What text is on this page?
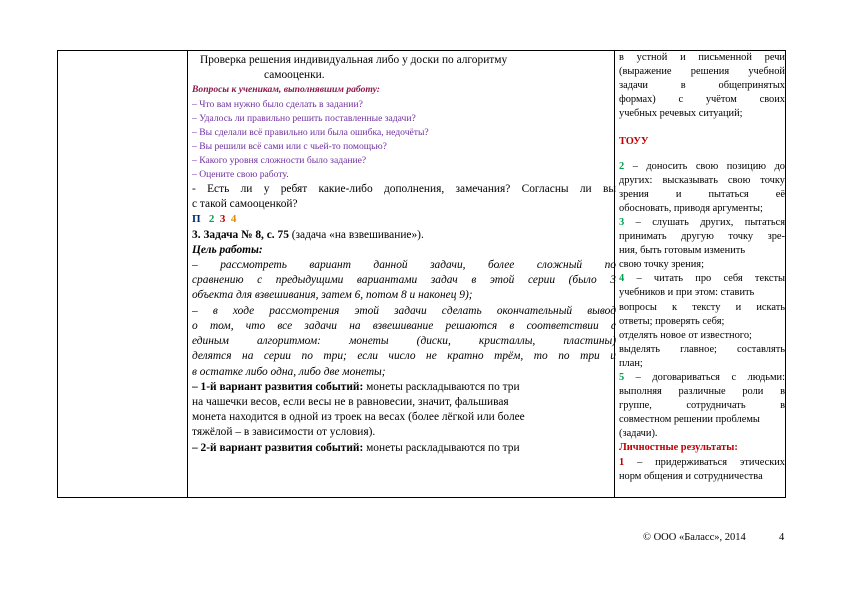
Проверка решения индивидуальная либо у доски по алгоритму
самооценки.
Вопросы к ученикам, выполнявшим работу:
– Что вам нужно было сделать в задании?
– Удалось ли правильно решить поставленные задачи?
– Вы сделали всё правильно или была ошибка, недочёты?
– Вы решили всё сами или с чьей-то помощью?
– Какого уровня сложности было задание?
– Оцените свою работу.
- Есть ли у ребят какие-либо дополнения, замечания? Согласны ли вы
с такой самооценкой?
П 2 3 4
3. Задача № 8, с. 75 (задача «на взвешивание»).
Цель работы:
– рассмотреть вариант данной задачи, более сложный по
сравнению с предыдущими вариантами задач в этой серии (было 3
объекта для взвешивания, затем 6, потом 8 и наконец 9);
– в ходе рассмотрения этой задачи сделать окончательный вывод
о том, что все задачи на взвешивание решаются в соответствии с
единым алгоритмом: монеты (диски, кристаллы, пластины)
делятся на серии по три; если число не кратно трём, то по три и
в остатке либо одна, либо две монеты;
– 1-й вариант развития событий: монеты раскладываются по три
на чашечки весов, если весы не в равновесии, значит, фальшивая
монета находится в одной из троек на весах (более лёгкой или более
тяжёлой – в зависимости от условия).
– 2-й вариант развития событий: монеты раскладываются по три
в устной и письменной речи
(выражение решения учебной
задачи в общепринятых
формах) с учётом своих
учебных речевых ситуаций;
ТОУУ
2 – доносить свою позицию до
других: высказывать свою точку
зрения и пытаться её
обосновать, приводя аргументы;
3 – слушать других, пытаться
принимать другую точку зре-
ния, быть готовым изменить
свою точку зрения;
4 – читать про себя тексты
учебников и при этом: ставить
вопросы к тексту и искать
ответы; проверять себя;
отделять новое от известного;
выделять главное; составлять
план;
5 – договариваться с людьми:
выполняя различные роли в
группе, сотрудничать в
совместном решении проблемы
(задачи).
Личностные результаты:
1 – придерживаться этических
норм общения и сотрудничества
© ООО «Баласс», 2014	4
